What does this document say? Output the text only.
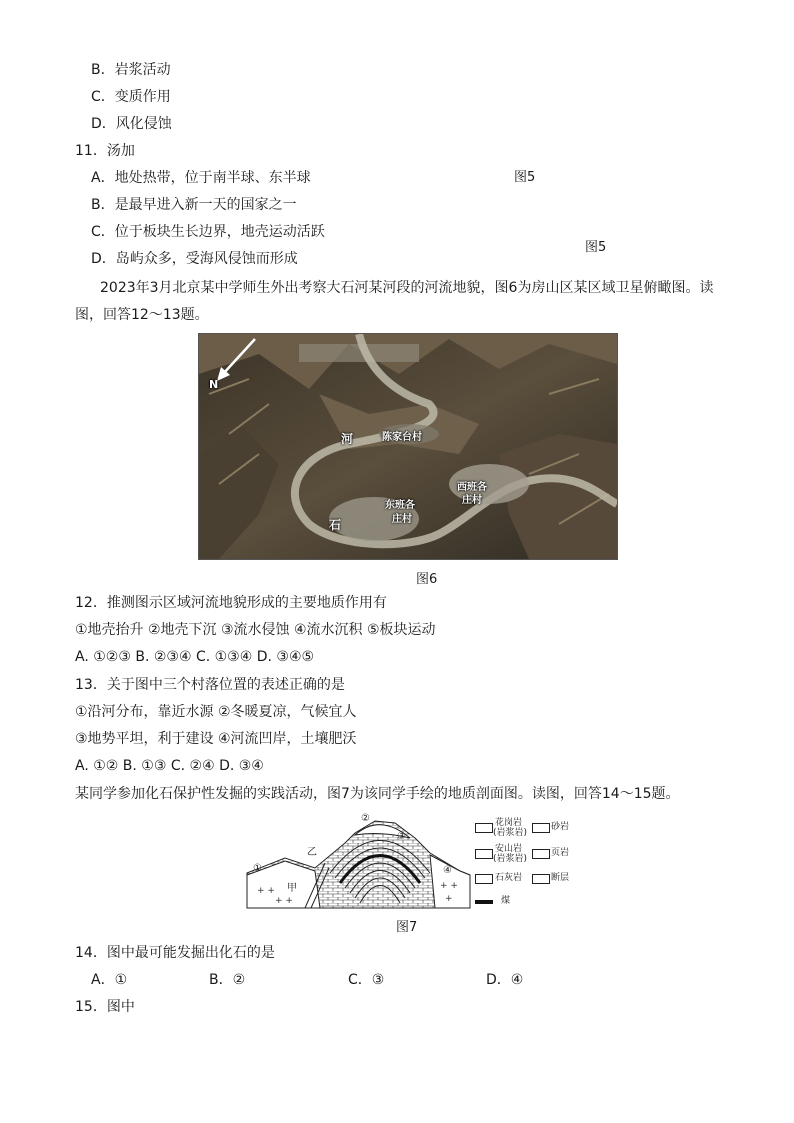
B．岩浆活动
C．变质作用
D．风化侵蚀
11．汤加
A．地处热带，位于南半球、东半球
B．是最早进入新一天的国家之一
C．位于板块生长边界，地壳运动活跃
D．岛屿众多，受海风侵蚀而形成
图5
图5
2023年3月北京某中学师生外出考察大石河某河段的河流地貌，图6为房山区某区域卫星俯瞰图。读
图，回答12～13题。
N
河
石
陈家台村
东班各
庄村
西班各
庄村
图6
12．推测图示区域河流地貌形成的主要地质作用有
①地壳抬升 ②地壳下沉 ③流水侵蚀 ④流水沉积 ⑤板块运动
A. ①②③ B. ②③④ C. ①③④ D. ③④⑤
13．关于图中三个村落位置的表述正确的是
①沿河分布，靠近水源 ②冬暖夏凉，气候宜人
③地势平坦，利于建设 ④河流凹岸，土壤肥沃
A. ①② B. ①③ C. ②④ D. ③④
某同学参加化石保护性发掘的实践活动，图7为该同学手绘的地质剖面图。读图，回答14～15题。
+ +
+ +
+ +
+
②
③
①	④
乙
甲
花岗岩
(岩浆岩)
砂岩
安山岩
(岩浆岩)
页岩
石灰岩	断层
煤
图7
14．图中最可能发掘出化石的是
A．①	B．②	C．③	D．④
15．图中
